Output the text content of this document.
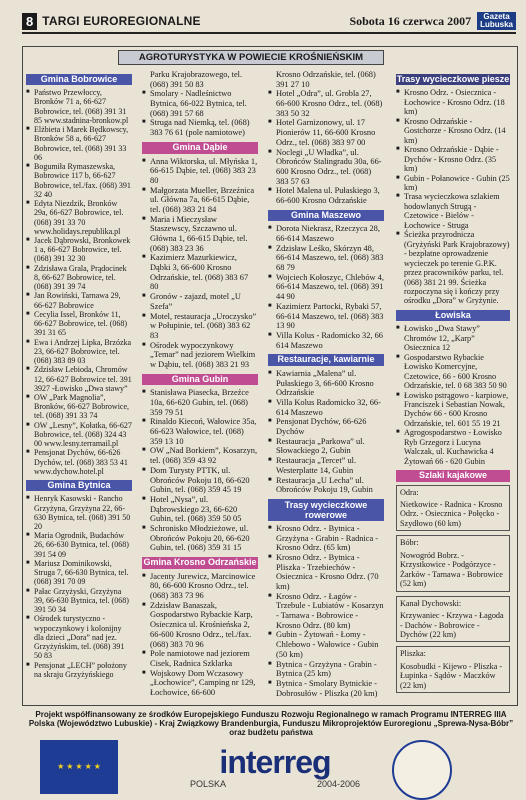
8 TARGI EUROREGIONALNE	Sobota 16 czerwca 2007	Gazeta
Lubuska
AGROTURYSTYKA W POWIECIE KROŚNIEŃSKIM
Gmina Bobrowice
■ Państwo Przewłoccy, Bronków 71 a, 66-627 Bobrowice, tel. (068) 391 31 85 www.stadnina-bronkow.pl
■ Elżbieta i Marek Będkowscy, Bronków 58 a, 66-627 Bobrowice, tel. (068) 391 33 06
■ Bogumiła Rymaszewska, Bobrowice 117 b, 66-627 Bobrowice, tel./fax. (068) 391 32 40
■ Edyta Niezdzik, Bronków 29a, 66-627 Bobrowice, tel. (068) 391 33 70 www.holidays.republika.pl
■ Jacek Dąbrowski, Bronkowek 1 a, 66-627 Bobrowice, tel. (068) 391 32 30
■ Zdzisława Grala, Prądocinek 8, 66-627 Bobrowice, tel. (068) 391 39 74
■ Jan Rowiński, Tarnawa 29, 66-627 Bobrowice
■ Cecylia Issel, Bronków 11, 66-627 Bobrowice, tel. (068) 391 31 65
■ Ewa i Andrzej Lipka, Brzózka 23, 66-627 Bobrowice, tel. (068) 383 89 03
■ Zdzisław Lebioda, Chromów 12, 66-627 Bobrowice tel. 391 3927 -Łowisko „Dwa stawy”
■ OW „Park Magnolia”, Bronków, 66-627 Bobrowice, tel. (068) 391 33 74
■ OW „Lesny”, Kołatka, 66-627 Bobrowice, tel. (068) 324 43 00 www.lesny.terramail.pl
■ Pensjonat Dychów, 66-626 Dychów, tel. (068) 383 53 41 www.dychow.hotel.pl
Gmina Bytnica
■ Henryk Kasowski - Rancho Grzyżyna, Grzyżyna 22, 66-630 Bytnica, tel. (068) 391 50 20
■ Maria Ogrodnik, Budachów 26, 66-630 Bytnica, tel. (068) 391 54 09
■ Mariusz Dominikowski, Struga 7, 66-630 Bytnica, tel. (068) 391 70 09
■ Pałac Grzyżyski, Grzyżyna 39, 66-630 Bytnica, tel. (068) 391 50 34
■ Ośrodek turystyczno - wypoczynkowy i kolonijny dla dzieci „Dora” nad jez. Grzyżyńskim, tel. (068) 391 50 83
■ Pensjonat „LECH” położony na skraju Grzyżyńskiego
Parku Krajobrazowego, tel. (068) 391 50 83
■ Smolary - Nadleśnictwo Bytnica, 66-022 Bytnica, tel. (068) 391 57 68
■ Struga nad Niemką, tel. (068) 383 76 61 (pole namiotowe)
Gmina Dąbie
■ Anna Wiktorska, ul. Młyńska 1, 66-615 Dąbie, tel. (068) 383 23 80
■ Małgorzata Mueller, Brzeźnica ul. Główna 7a, 66-615 Dąbie, tel. (068) 383 21 84
■ Maria i Mieczysław Staszewscy, Szczawno ul. Główna 1, 66-615 Dąbie, tel. (068) 383 23 36
■ Kazimierz Mazurkiewicz, Dąbki 3, 66-600 Krosno Odrzańskie, tel. (068) 383 67 80
■ Gronów - zajazd, motel „U Szefa”
■ Motel, restauracja „Uroczysko” w Połupinie, tel. (068) 383 62 83
■ Ośrodek wypoczynkowy „Temar” nad jeziorem Wielkim w Dąbiu, tel. (068) 383 21 93
Gmina Gubin
■ Stanisława Piasecka, Brzeźce 10a, 66-620 Gubin, tel. (068) 359 79 51
■ Rinaldo Kiecoń, Wałowice 35a, 66-623 Wałowice, tel. (068) 359 13 10
■ OW „Nad Borkiem”, Kosarzyn, tel. (068) 359 43 92
■ Dom Turysty PTTK, ul. Obrońców Pokoju 18, 66-620 Gubin, tel. (068) 359 45 19
■ Hotel „Nysa”, ul. Dąbrowskiego 23, 66-620 Gubin, tel. (068) 359 50 05
■ Schronisko Młodzieżowe, ul. Obrońców Pokoju 20, 66-620 Gubin, tel. (068) 359 31 15
Gmina Krosno Odrzańskie
■ Jacenty Jurewicz, Marcinowice 80, 66-600 Krosno Odrz., tel. (068) 383 73 96
■ Zdzisław Banaszak, Gospodarstwo Rybackie Karp, Osiecznica ul. Krośnieńska 2, 66-600 Krosno Odrz., tel./fax. (068) 383 70 96
■ Pole namiotowe nad jeziorem Cisek, Radnica Szklarka
■ Wojskowy Dom Wczasowy „Łochowice”, Camping nr 129, Łochowice, 66-600
Krosno Odrzańskie, tel. (068) 391 27 10
■ Hotel „Odra”, ul. Grobla 27, 66-600 Krosno Odrz., tel. (068) 383 50 32
■ Hotel Garnizonowy, ul. 17 Pionierów 11, 66-600 Krosno Odrz., tel. (068) 383 97 00
■ Noclegi „U Władka”, ul. Obrońców Stalingradu 30a, 66-600 Krosno Odrz., tel. (068) 383 57 63
■ Hotel Malena ul. Pułaskiego 3, 66-600 Krosno Odrzańskie
Gmina Maszewo
■ Dorota Niekrasz, Rzeczyca 28, 66-614 Maszewo
■ Zdzisław Leśko, Skórzyn 48, 66-614 Maszewo, tel. (068) 383 68 79
■ Wojciech Kołoszyc, Chlebów 4, 66-614 Maszewo, tel. (068) 391 44 90
■ Kazimierz Partocki, Rybaki 57, 66-614 Maszewo, tel. (068) 383 13 90
■ Villa Kolus - Radomicko 32, 66 614 Maszewo
Restauracje, kawiarnie
■ Kawiarnia „Malena” ul. Pułaskiego 3, 66-600 Krosno Odrzańskie
■ Villa Kolus Radomicko 32, 66-614 Maszewo
■ Pensjonat Dychów, 66-626 Dychów
■ Restauracja „Parkowa” ul. Słowackiego 2, Gubin
■ Restauracja „Tercet” ul. Westerplatte 14, Gubin
■ Restauracja „U Lecha” ul. Obrońców Pokoju 19, Gubin
Trasy wycieczkowe
rowerowe
■ Krosno Odrz. - Bytnica - Grzyżyna - Grabin - Radnica - Krosno Odrz. (65 km)
■ Krosno Odrz. - Bytnica - Pliszka - Trzebiechów - Osiecznica - Krosno Odrz. (70 km)
■ Krosno Odrz. - Łagów - Trzebule - Lubiatów - Kosarzyn - Tarnawa - Bobrowice - Krosno Odrz. (80 km)
■ Gubin - Żytowań - Łomy - Chlebowo - Wałowice - Gubin (50 km)
■ Bytnica - Grzyżyna - Grabin - Bytnica (25 km)
■ Bytnica - Smolary Bytnickie - Dobrosułów - Pliszka (20 km)
Trasy wycieczkowe piesze
■ Krosno Odrz. - Osiecznica - Łochowice - Krosno Odrz. (18 km)
■ Krosno Odrzańskie - Gostchorze - Krosno Odrz. (14 km)
■ Krosno Odrzańskie - Dąbie - Dychów - Krosno Odrz. (35 km)
■ Gubin - Połanowice - Gubin (25 km)
■ Trasa wycieczkowa szlakiem hodowlanych Strugą - Czetowice - Bielów - Łochowice - Struga
■ Ścieżka przyrodnicza (Gryżyński Park Krajobrazowy) - bezpłatne oprowadzenie wycieczek po terenie G.P.K. przez pracowników parku, tel. (068) 381 21 99. Ścieżka rozpoczyna się i kończy przy ośrodku „Dora” w Gryżynie.
Łowiska
■ Łowisko „Dwa Stawy” Chromów 12, „Karp” Osiecznica 12
■ Gospodarstwo Rybackie Łowisko Komercyjne, Czetowice, 66 - 600 Krosno Odrzańskie, tel. 0 68 383 50 90
■ Łowisko pstrągowo - karpiowe, Franciszek i Sebastian Nowak, Dychów 66 - 600 Krosno Odrzańskie, tel. 601 55 19 21
■ Agrogospodarstwo - Łowisko Ryb Grzegorz i Lucyna Walczak, ul. Kuchawicka 4 Żytowań 66 - 620 Gubin
Szlaki kajakowe
Odra:
Nietkowice - Radnica - Krosno Odrz. - Osiecznica - Połęcko - Szydłowo (60 km)
Bóbr:
Nowogród Bobrz. - Krzystkowice - Podgórzyce - Żarków - Tarnawa - Bobrowice (52 km)
Kanał Dychowski:
Krzywaniec - Krzywa - Łagoda - Dachów - Bobrowice - Dychów (22 km)
Pliszka:
Kosobudki - Kijewo - Pliszka - Łupinka - Sądów - Maczków (22 km)
Projekt współfinansowany ze środków Europejskiego Funduszu Rozwoju Regionalnego w ramach Programu INTERREG IIIA Polska (Województwo Lubuskie) - Kraj Związkowy Brandenburgia, Funduszu Mikroprojektów Euroregionu „Sprewa-Nysa-Bóbr” oraz budżetu państwa
★ ★ ★ ★ ★	interreg
POLSKA	2004-2006
